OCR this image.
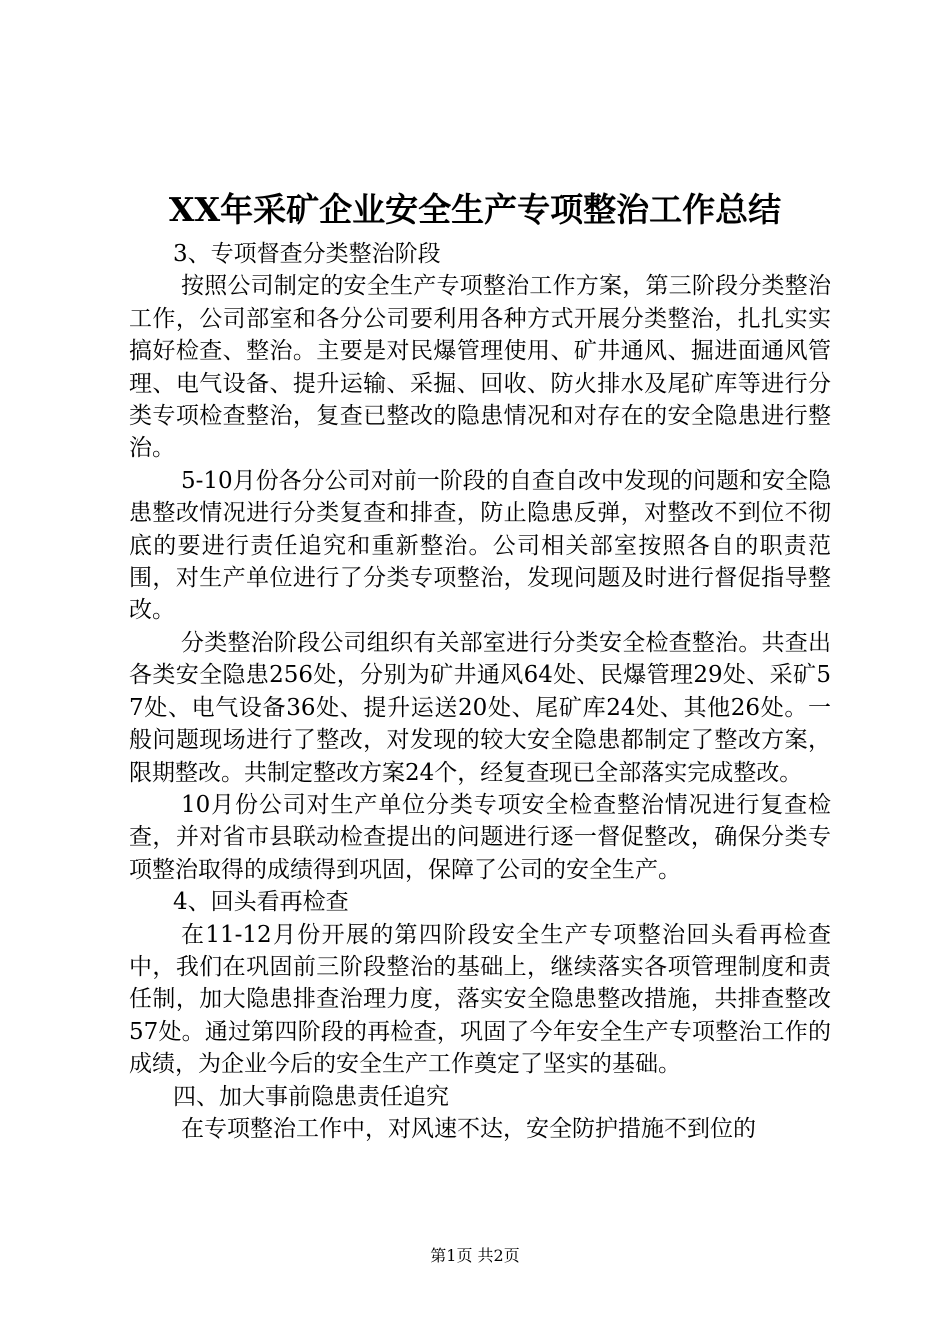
XX年采矿企业安全生产专项整治工作总结

3、专项督查分类整治阶段

按照公司制定的安全生产专项整治工作方案，第三阶段分类整治工作，公司部室和各分公司要利用各种方式开展分类整治，扎扎实实搞好检查、整治。主要是对民爆管理使用、矿井通风、掘进面通风管理、电气设备、提升运输、采掘、回收、防火排水及尾矿库等进行分类专项检查整治，复查已整改的隐患情况和对存在的安全隐患进行整治。

5-10月份各分公司对前一阶段的自查自改中发现的问题和安全隐患整改情况进行分类复查和排查，防止隐患反弹，对整改不到位不彻底的要进行责任追究和重新整治。公司相关部室按照各自的职责范围，对生产单位进行了分类专项整治，发现问题及时进行督促指导整改。

分类整治阶段公司组织有关部室进行分类安全检查整治。共查出各类安全隐患256处，分别为矿井通风64处、民爆管理29处、采矿57处、电气设备36处、提升运送20处、尾矿库24处、其他26处。一般问题现场进行了整改，对发现的较大安全隐患都制定了整改方案，限期整改。共制定整改方案24个，经复查现已全部落实完成整改。

10月份公司对生产单位分类专项安全检查整治情况进行复查检查，并对省市县联动检查提出的问题进行逐一督促整改，确保分类专项整治取得的成绩得到巩固，保障了公司的安全生产。

4、回头看再检查

在11-12月份开展的第四阶段安全生产专项整治回头看再检查中，我们在巩固前三阶段整治的基础上，继续落实各项管理制度和责任制，加大隐患排查治理力度，落实安全隐患整改措施，共排查整改57处。通过第四阶段的再检查，巩固了今年安全生产专项整治工作的成绩，为企业今后的安全生产工作奠定了坚实的基础。

四、加大事前隐患责任追究

在专项整治工作中，对风速不达，安全防护措施不到位的

第1页 共2页
